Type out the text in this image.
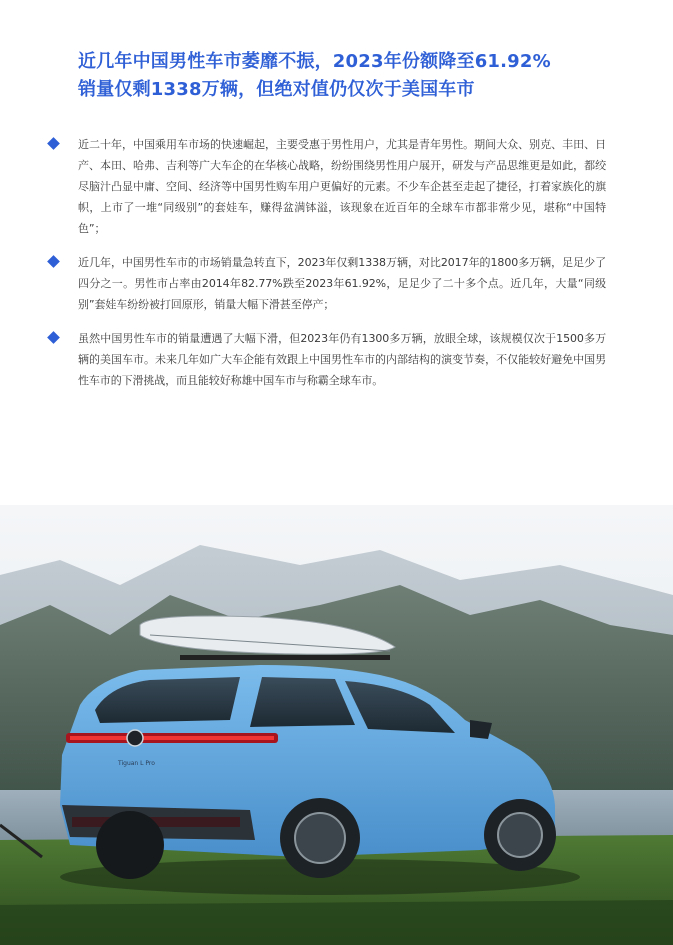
近几年中国男性车市萎靡不振，2023年份额降至61.92%
销量仅剩1338万辆，但绝对值仍仅次于美国车市

近二十年，中国乘用车市场的快速崛起，主要受惠于男性用户，尤其是青年男性。期间大众、别克、丰田、日产、本田、哈弗、吉利等广大车企的在华核心战略，纷纷围绕男性用户展开，研发与产品思维更是如此，都绞尽脑汁凸显中庸、空间、经济等中国男性购车用户更偏好的元素。不少车企甚至走起了捷径，打着家族化的旗帜，上市了一堆“同级别”的套娃车，赚得盆满钵溢，该现象在近百年的全球车市都非常少见，堪称“中国特色”；

近几年，中国男性车市的市场销量急转直下，2023年仅剩1338万辆，对比2017年的1800多万辆，足足少了四分之一。男性市占率由2014年82.77%跌至2023年61.92%，足足少了二十多个点。近几年，大量“同级别”套娃车纷纷被打回原形，销量大幅下滑甚至停产；

虽然中国男性车市的销量遭遇了大幅下滑，但2023年仍有1300多万辆，放眼全球，该规模仅次于1500多万辆的美国车市。未来几年如广大车企能有效跟上中国男性车市的内部结构的演变节奏，不仅能较好避免中国男性车市的下滑挑战，而且能较好称雄中国车市与称霸全球车市。

Tiguan L Pro
